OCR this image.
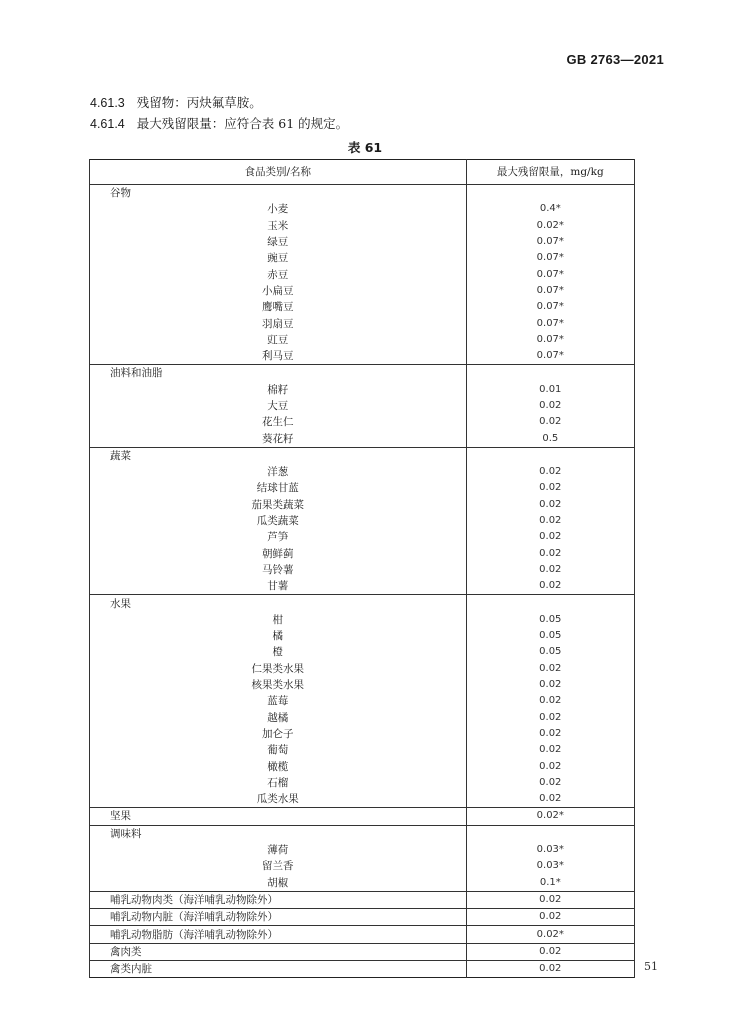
GB 2763—2021
4.61.3 残留物：丙炔氟草胺。
4.61.4 最大残留限量：应符合表 61 的规定。
表 61
食品类别/名称	最大残留限量，mg/kg
谷物	
小麦	0.4*
玉米	0.02*
绿豆	0.07*
豌豆	0.07*
赤豆	0.07*
小扁豆	0.07*
鹰嘴豆	0.07*
羽扇豆	0.07*
豇豆	0.07*
利马豆	0.07*
油料和油脂	
棉籽	0.01
大豆	0.02
花生仁	0.02
葵花籽	0.5
蔬菜	
洋葱	0.02
结球甘蓝	0.02
茄果类蔬菜	0.02
瓜类蔬菜	0.02
芦笋	0.02
朝鲜蓟	0.02
马铃薯	0.02
甘薯	0.02
水果	
柑	0.05
橘	0.05
橙	0.05
仁果类水果	0.02
核果类水果	0.02
蓝莓	0.02
越橘	0.02
加仑子	0.02
葡萄	0.02
橄榄	0.02
石榴	0.02
瓜类水果	0.02
坚果	0.02*
调味料	
薄荷	0.03*
留兰香	0.03*
胡椒	0.1*
哺乳动物肉类（海洋哺乳动物除外）	0.02
哺乳动物内脏（海洋哺乳动物除外）	0.02
哺乳动物脂肪（海洋哺乳动物除外）	0.02*
禽肉类	0.02
禽类内脏	0.02	51
